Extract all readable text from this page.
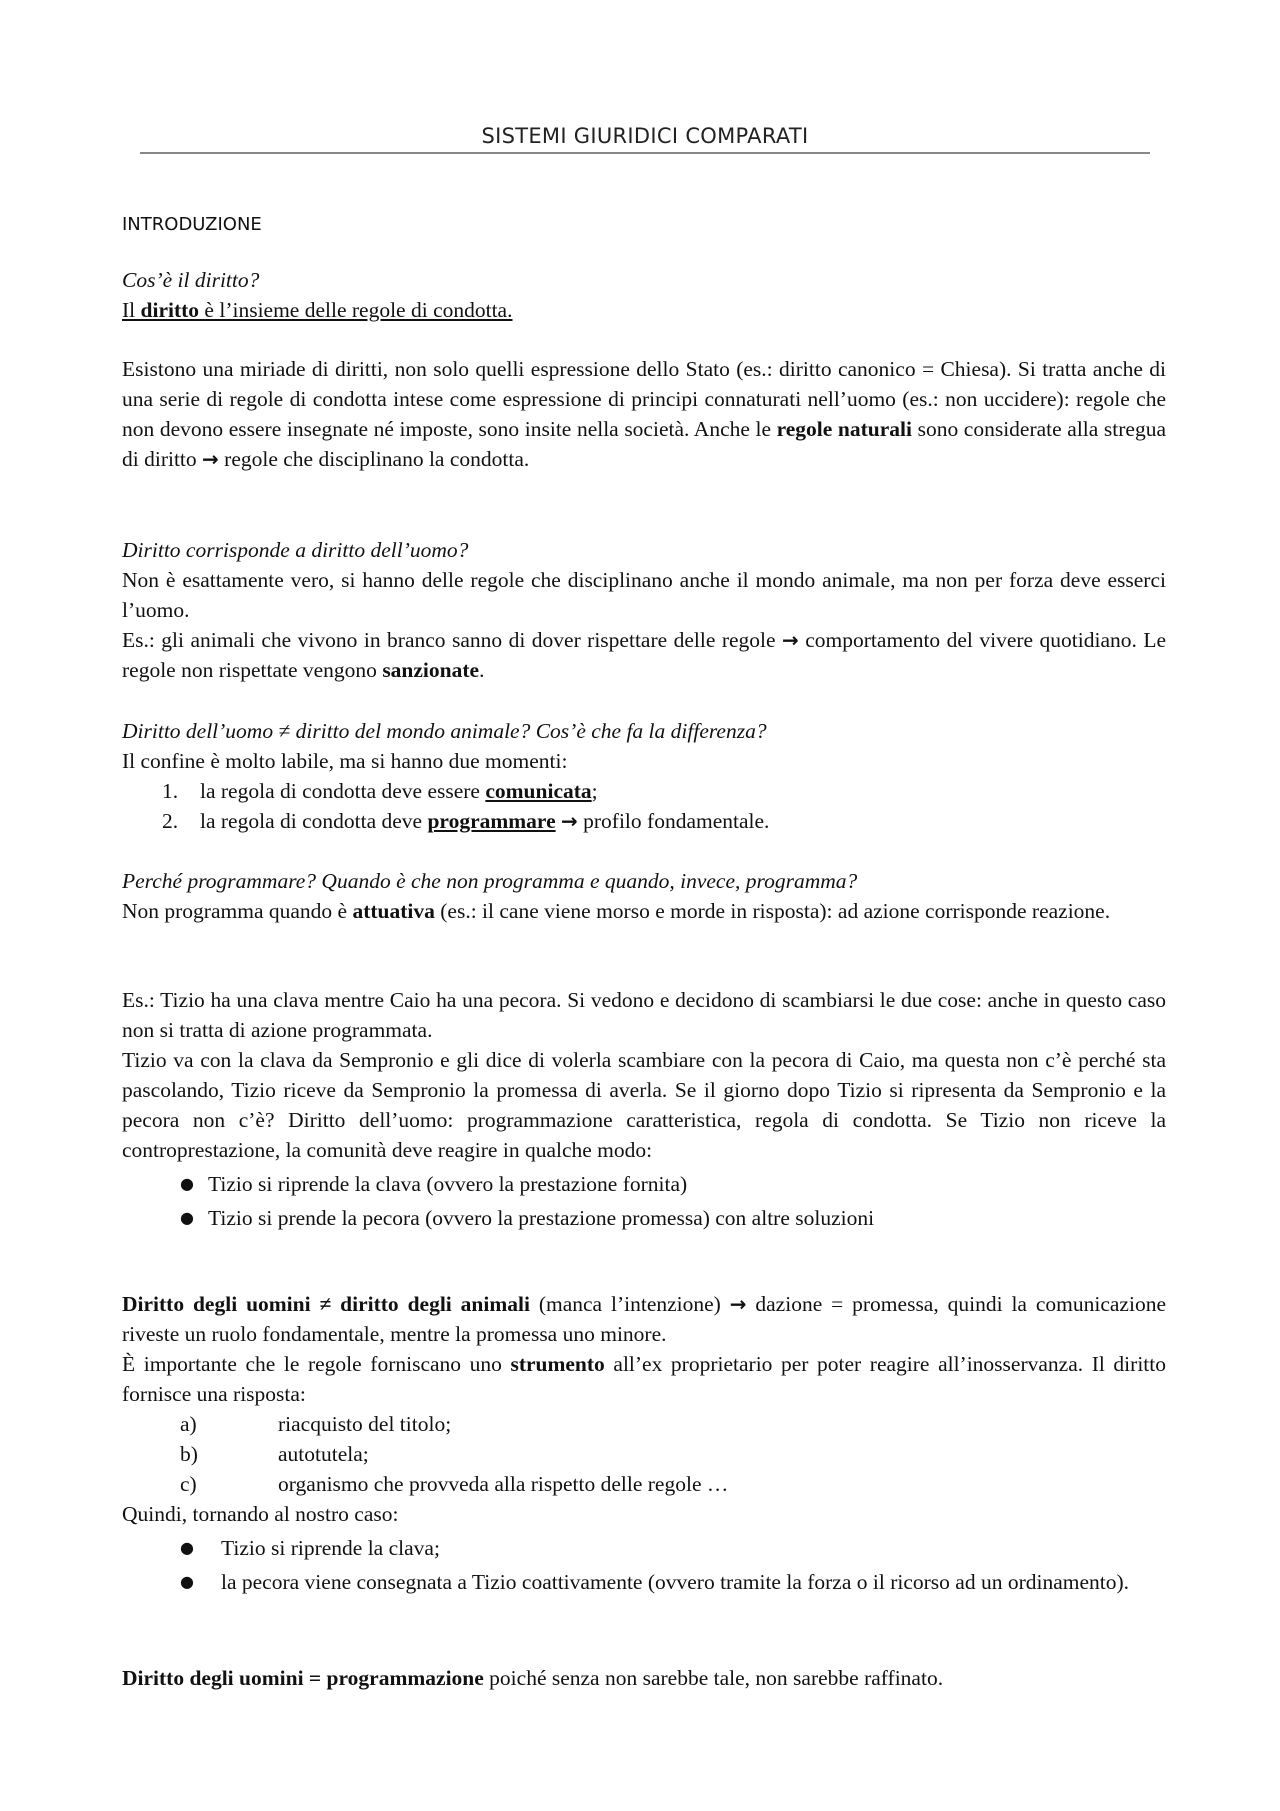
SISTEMI GIURIDICI COMPARATI
INTRODUZIONE

Cos’è il diritto?

Il diritto è l’insieme delle regole di condotta.

Esistono una miriade di diritti, non solo quelli espressione dello Stato (es.: diritto canonico = Chiesa). Si tratta anche di una serie di regole di condotta intese come espressione di principi connaturati nell’uomo (es.: non uccidere): regole che non devono essere insegnate né imposte, sono insite nella società. Anche le regole naturali sono considerate alla stregua di diritto → regole che disciplinano la condotta.

Diritto corrisponde a diritto dell’uomo?

Non è esattamente vero, si hanno delle regole che disciplinano anche il mondo animale, ma non per forza deve esserci l’uomo.

Es.: gli animali che vivono in branco sanno di dover rispettare delle regole → comportamento del vivere quotidiano. Le regole non rispettate vengono sanzionate.

Diritto dell’uomo ≠ diritto del mondo animale? Cos’è che fa la differenza?

Il confine è molto labile, ma si hanno due momenti:

1. la regola di condotta deve essere comunicata;
2. la regola di condotta deve programmare → profilo fondamentale.

Perché programmare? Quando è che non programma e quando, invece, programma?

Non programma quando è attuativa (es.: il cane viene morso e morde in risposta): ad azione corrisponde reazione.

Es.: Tizio ha una clava mentre Caio ha una pecora. Si vedono e decidono di scambiarsi le due cose: anche in questo caso non si tratta di azione programmata.

Tizio va con la clava da Sempronio e gli dice di volerla scambiare con la pecora di Caio, ma questa non c’è perché sta pascolando, Tizio riceve da Sempronio la promessa di averla. Se il giorno dopo Tizio si ripresenta da Sempronio e la pecora non c’è? Diritto dell’uomo: programmazione caratteristica, regola di condotta. Se Tizio non riceve la controprestazione, la comunità deve reagire in qualche modo:

● Tizio si riprende la clava (ovvero la prestazione fornita)
● Tizio si prende la pecora (ovvero la prestazione promessa) con altre soluzioni

Diritto degli uomini ≠ diritto degli animali (manca l’intenzione) → dazione = promessa, quindi la comunicazione riveste un ruolo fondamentale, mentre la promessa uno minore.

È importante che le regole forniscano uno strumento all’ex proprietario per poter reagire all’inosservanza. Il diritto fornisce una risposta:

a)	riacquisto del titolo;
b)	autotutela;
c)	organismo che provveda alla rispetto delle regole …

Quindi, tornando al nostro caso:

● Tizio si riprende la clava;
● la pecora viene consegnata a Tizio coattivamente (ovvero tramite la forza o il ricorso ad un ordinamento).

Diritto degli uomini = programmazione poiché senza non sarebbe tale, non sarebbe raffinato.
